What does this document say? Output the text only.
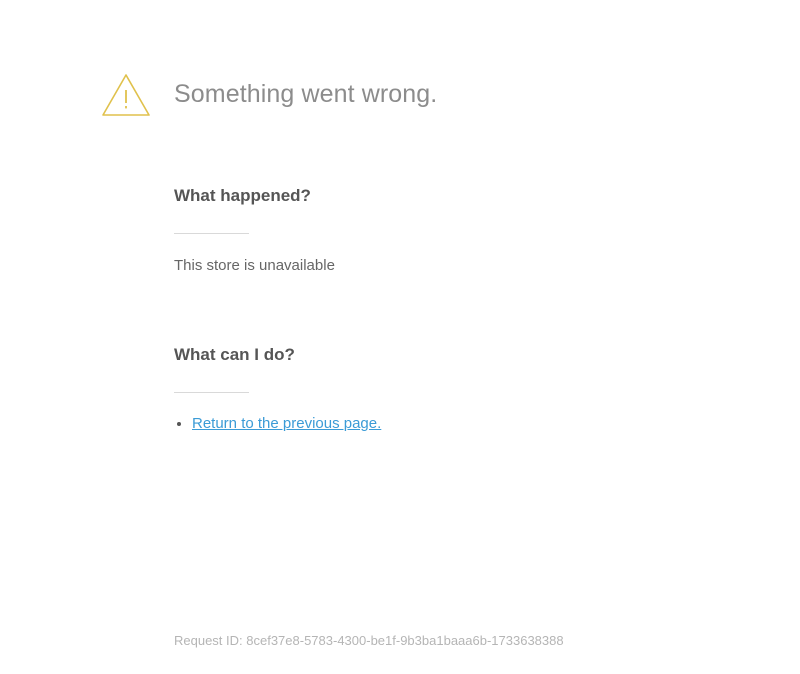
Something went wrong.
What happened?

This store is unavailable

What can I do?
Return to the previous page.
Request ID: 8cef37e8-5783-4300-be1f-9b3ba1baaa6b-1733638388
